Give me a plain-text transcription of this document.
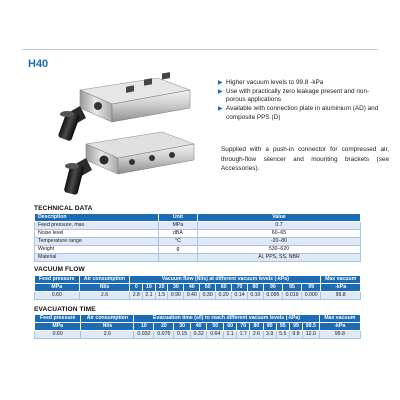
H40
▶ Higher vacuum levels to 99.8 -kPa
▶ Use with practically zero leakage present and non-porous applications
▶ Available with connection plate in aluminium (AD) and composite PPS (D)
Supplied with a push-in connector for compressed air, through-flow silencer and mounting brackets (see Accessories).
TECHNICAL DATA
Description	Unit	Value
Feed pressure, max.	MPa	0.7
Noise level	dBA	60–65
Temperature range	°C	-20–80
Weight	g	530–620
Material		Al, PPS, SS, NBR
VACUUM FLOW
Feed pressure	Air consumption	Vacuum flow (Nl/s) at different vacuum levels (-kPa)												Max vacuum
MPa	Nl/s	0	10	20	30	40	50	60	70	80	90	95	99	-kPa
0.60	2.6	2.8	2.1	1.5	0.90	0.40	0.30	0.20	0.14	0.10	0.095	0.019	0.000	99.8
EVACUATION TIME
Feed pressure	Air consumption	Evacuation time (s/l) to reach different vacuum levels (-kPa)												Max vacuum
MPa	Nl/s	10	20	30	40	50	60	70	80	90	95	99	99.5	-kPa
0.60	2.6	0.032	0.076	0.15	0.32	0.64	1.1	1.7	2.6	3.9	5.5	9.8	12.0	99.8
